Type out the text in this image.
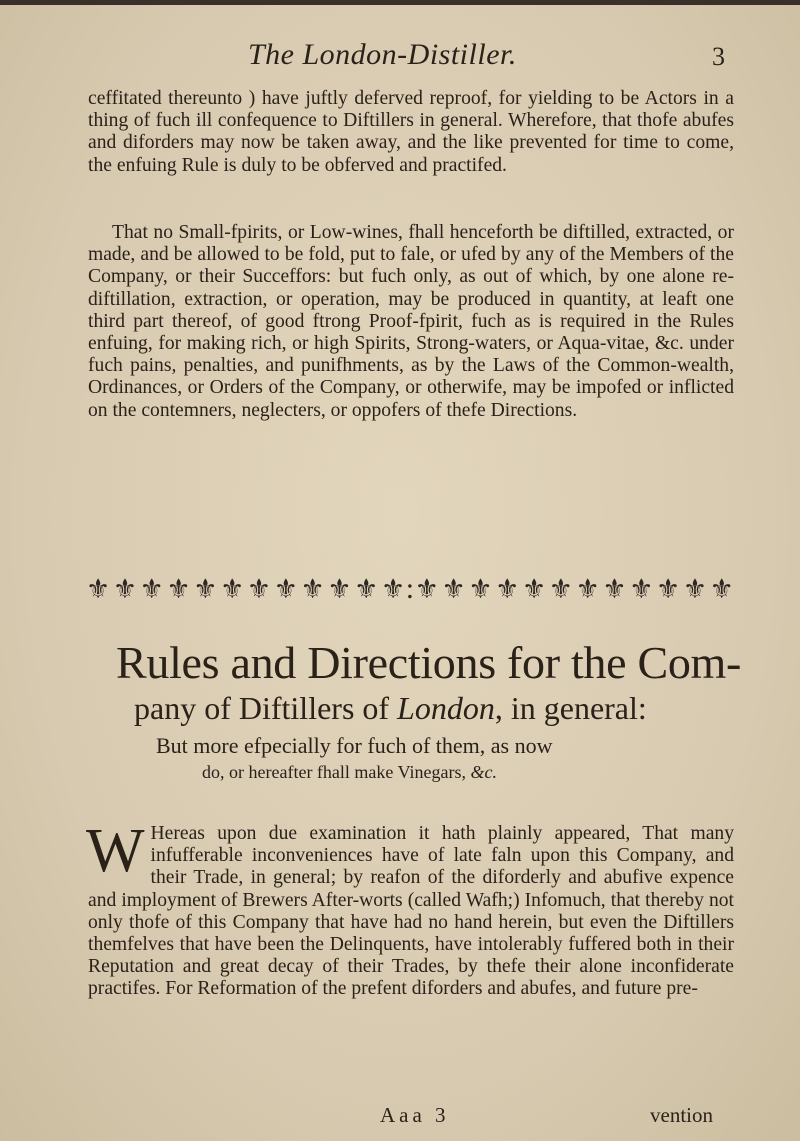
The London-Distiller.	3

ceffitated thereunto ) have juftly deferved reproof, for yielding to be Actors in a thing of fuch ill confequence to Diftillers in general. Wherefore, that thofe abufes and diforders may now be taken away, and the like prevented for time to come, the enfuing Rule is duly to be obferved and practifed.

That no Small-fpirits, or Low-wines, fhall henceforth be diftilled, extracted, or made, and be allowed to be fold, put to fale, or ufed by any of the Members of the Company, or their Succeffors: but fuch only, as out of which, by one alone re-diftillation, extraction, or operation, may be produced in quantity, at leaft one third part thereof, of good ftrong Proof-fpirit, fuch as is required in the Rules enfuing, for making rich, or high Spirits, Strong-waters, or Aqua-vitae, &c. under fuch pains, penalties, and punifhments, as by the Laws of the Common-wealth, Ordinances, or Orders of the Company, or otherwife, may be impofed or inflicted on the contemners, neglecters, or oppofers of thefe Directions.

⚜ ⚜ ⚜ ⚜ ⚜ ⚜ ⚜ ⚜ ⚜ ⚜ ⚜ ⚜ : ⚜ ⚜ ⚜ ⚜ ⚜ ⚜ ⚜ ⚜ ⚜ ⚜ ⚜ ⚜
Rules and Directions for the Com-
pany of Diftillers of London, in general:
But more efpecially for fuch of them, as now
do, or hereafter fhall make Vinegars, &c.

W Hereas upon due examination it hath plainly appeared, That many infufferable inconveniences have of late faln upon this Company, and their Trade, in general; by reafon of the diforderly and abufive expence and imployment of Brewers After-worts (called Wafh;) Infomuch, that thereby not only thofe of this Company that have had no hand herein, but even the Diftillers themfelves that have been the Delinquents, have intolerably fuffered both in their Reputation and great decay of their Trades, by thefe their alone inconfiderate practifes. For Reformation of the prefent diforders and abufes, and future pre-

Aaa 3	vention
